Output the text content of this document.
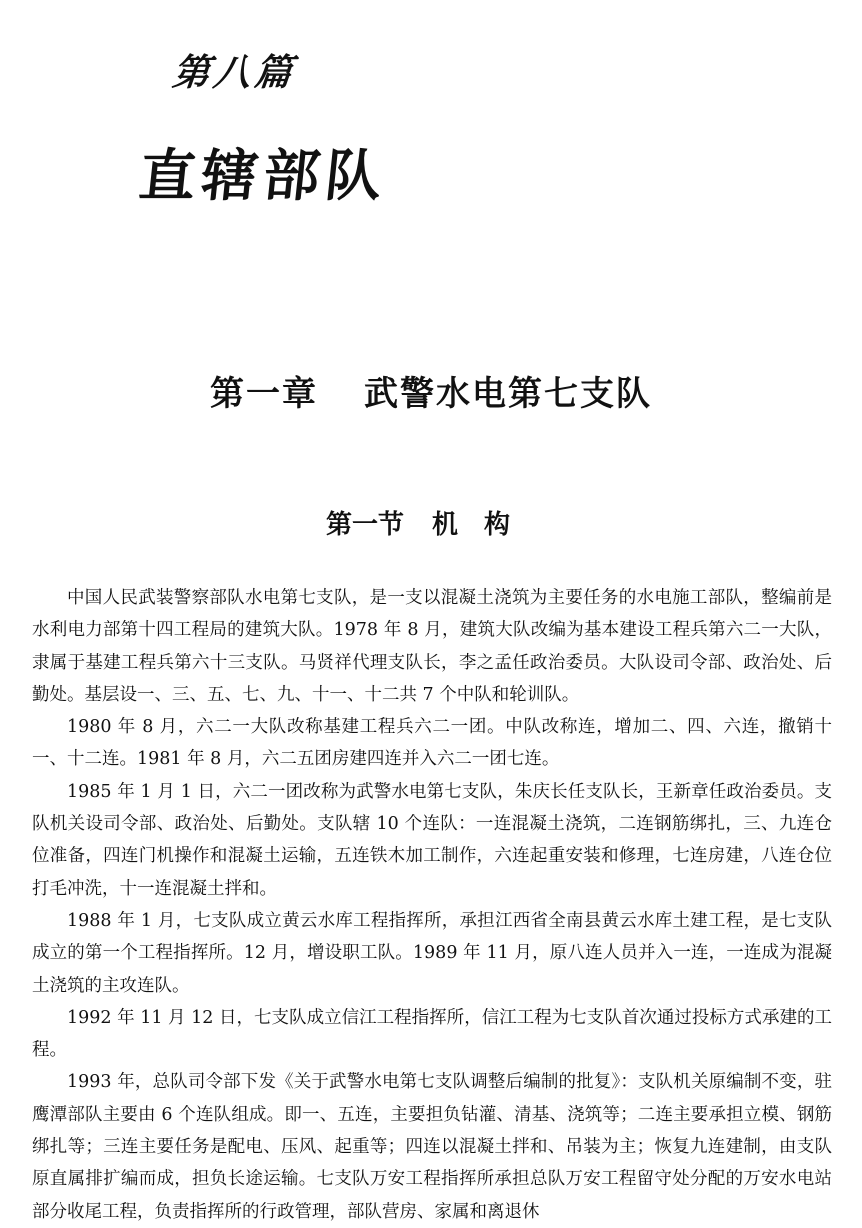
第八篇
直辖部队
第一章 武警水电第七支队
第一节 机构

中国人民武装警察部队水电第七支队，是一支以混凝土浇筑为主要任务的水电施工部队，整编前是水利电力部第十四工程局的建筑大队。1978 年 8 月，建筑大队改编为基本建设工程兵第六二一大队，隶属于基建工程兵第六十三支队。马贤祥代理支队长，李之孟任政治委员。大队设司令部、政治处、后勤处。基层设一、三、五、七、九、十一、十二共 7 个中队和轮训队。

1980 年 8 月，六二一大队改称基建工程兵六二一团。中队改称连，增加二、四、六连，撤销十一、十二连。1981 年 8 月，六二五团房建四连并入六二一团七连。

1985 年 1 月 1 日，六二一团改称为武警水电第七支队，朱庆长任支队长，王新章任政治委员。支队机关设司令部、政治处、后勤处。支队辖 10 个连队：一连混凝土浇筑，二连钢筋绑扎，三、九连仓位准备，四连门机操作和混凝土运输，五连铁木加工制作，六连起重安装和修理，七连房建，八连仓位打毛冲洗，十一连混凝土拌和。

1988 年 1 月，七支队成立黄云水库工程指挥所，承担江西省全南县黄云水库土建工程，是七支队成立的第一个工程指挥所。12 月，增设职工队。1989 年 11 月，原八连人员并入一连，一连成为混凝土浇筑的主攻连队。

1992 年 11 月 12 日，七支队成立信江工程指挥所，信江工程为七支队首次通过投标方式承建的工程。

1993 年，总队司令部下发《关于武警水电第七支队调整后编制的批复》：支队机关原编制不变，驻鹰潭部队主要由 6 个连队组成。即一、五连，主要担负钻灌、清基、浇筑等；二连主要承担立模、钢筋绑扎等；三连主要任务是配电、压风、起重等；四连以混凝土拌和、吊装为主；恢复九连建制，由支队原直属排扩编而成，担负长途运输。七支队万安工程指挥所承担总队万安工程留守处分配的万安水电站部分收尾工程，负责指挥所的行政管理，部队营房、家属和离退休
